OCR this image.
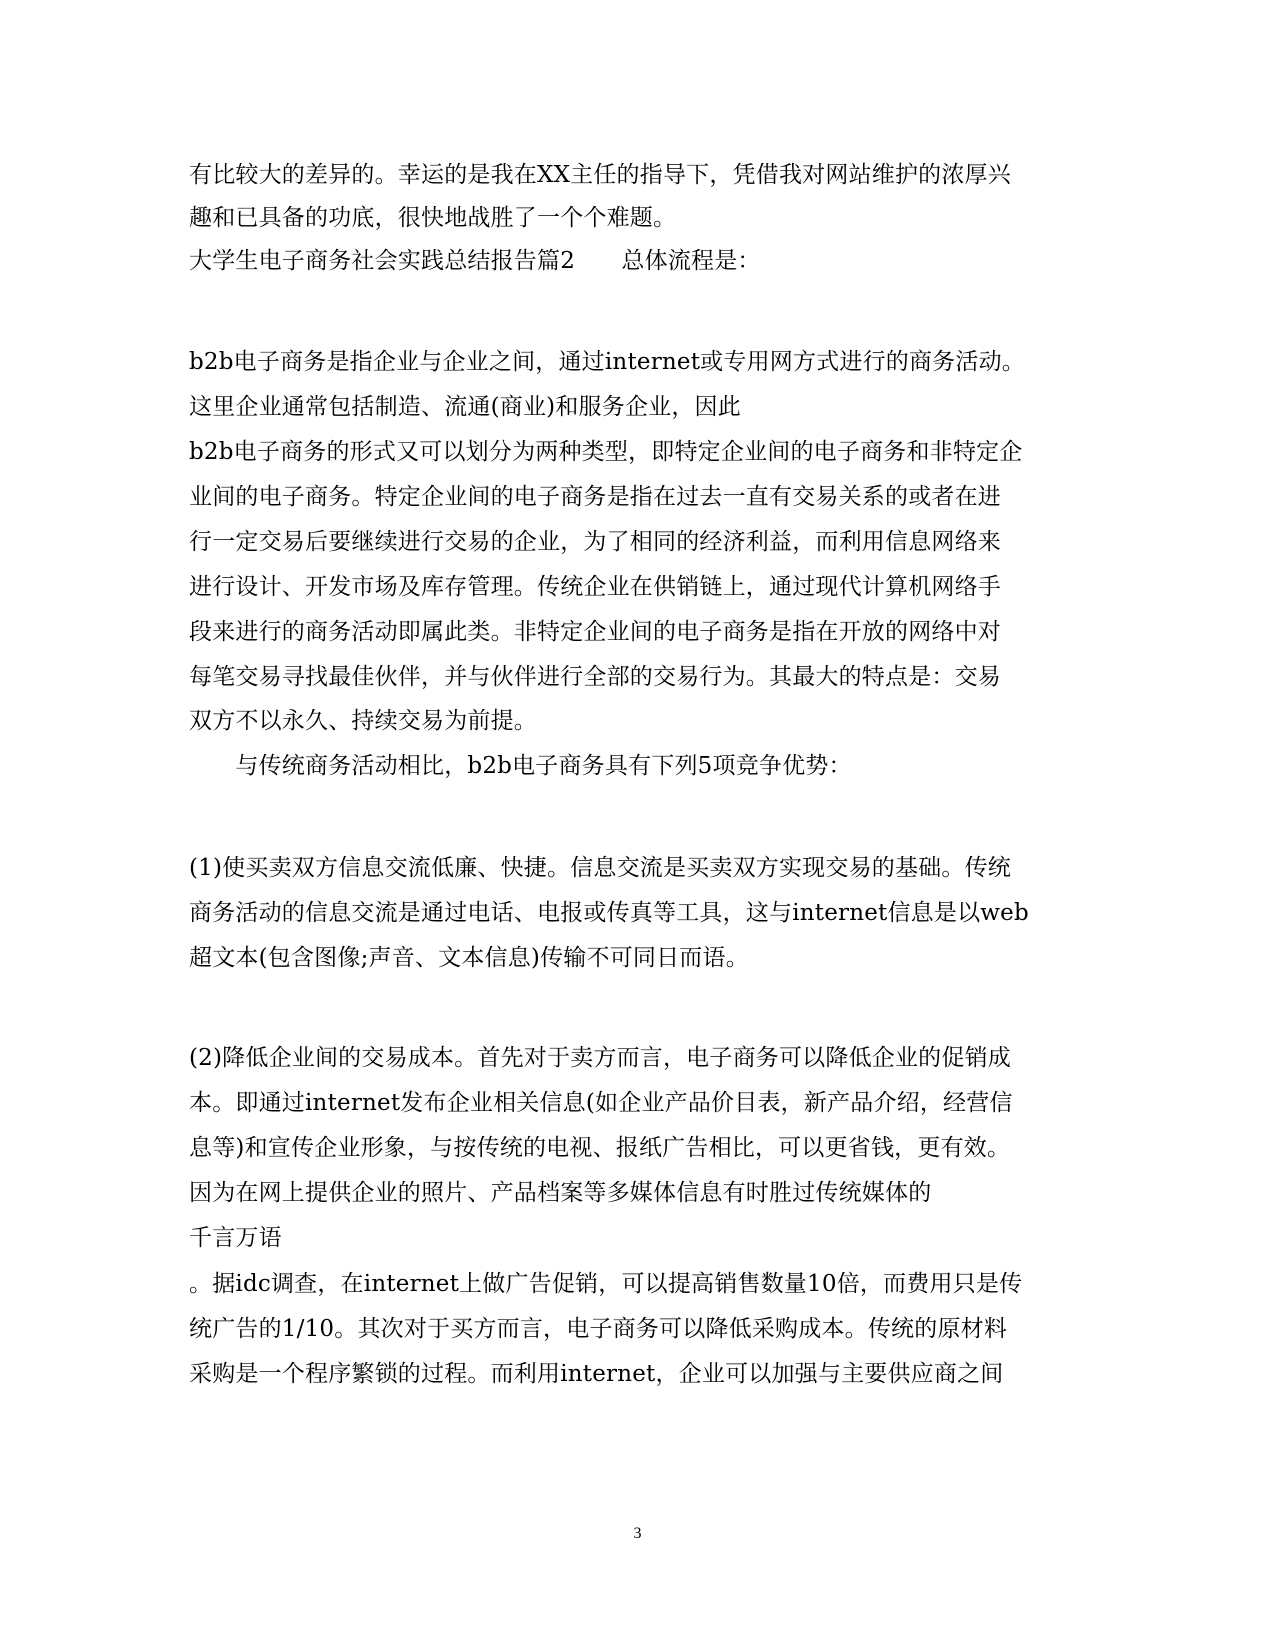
有比较大的差异的。幸运的是我在XX主任的指导下，凭借我对网站维护的浓厚兴
趣和已具备的功底，很快地战胜了一个个难题。
大学生电子商务社会实践总结报告篇2　　总体流程是：
b2b电子商务是指企业与企业之间，通过internet或专用网方式进行的商务活动。
这里企业通常包括制造、流通(商业)和服务企业，因此
b2b电子商务的形式又可以划分为两种类型，即特定企业间的电子商务和非特定企
业间的电子商务。特定企业间的电子商务是指在过去一直有交易关系的或者在进
行一定交易后要继续进行交易的企业，为了相同的经济利益，而利用信息网络来
进行设计、开发市场及库存管理。传统企业在供销链上，通过现代计算机网络手
段来进行的商务活动即属此类。非特定企业间的电子商务是指在开放的网络中对
每笔交易寻找最佳伙伴，并与伙伴进行全部的交易行为。其最大的特点是：交易
双方不以永久、持续交易为前提。
　　与传统商务活动相比，b2b电子商务具有下列5项竞争优势：
(1)使买卖双方信息交流低廉、快捷。信息交流是买卖双方实现交易的基础。传统
商务活动的信息交流是通过电话、电报或传真等工具，这与internet信息是以web
超文本(包含图像;声音、文本信息)传输不可同日而语。
(2)降低企业间的交易成本。首先对于卖方而言，电子商务可以降低企业的促销成
本。即通过internet发布企业相关信息(如企业产品价目表，新产品介绍，经营信
息等)和宣传企业形象，与按传统的电视、报纸广告相比，可以更省钱，更有效。
因为在网上提供企业的照片、产品档案等多媒体信息有时胜过传统媒体的
千言万语
。据idc调查，在internet上做广告促销，可以提高销售数量10倍，而费用只是传
统广告的1/10。其次对于买方而言，电子商务可以降低采购成本。传统的原材料
采购是一个程序繁锁的过程。而利用internet，企业可以加强与主要供应商之间
3
